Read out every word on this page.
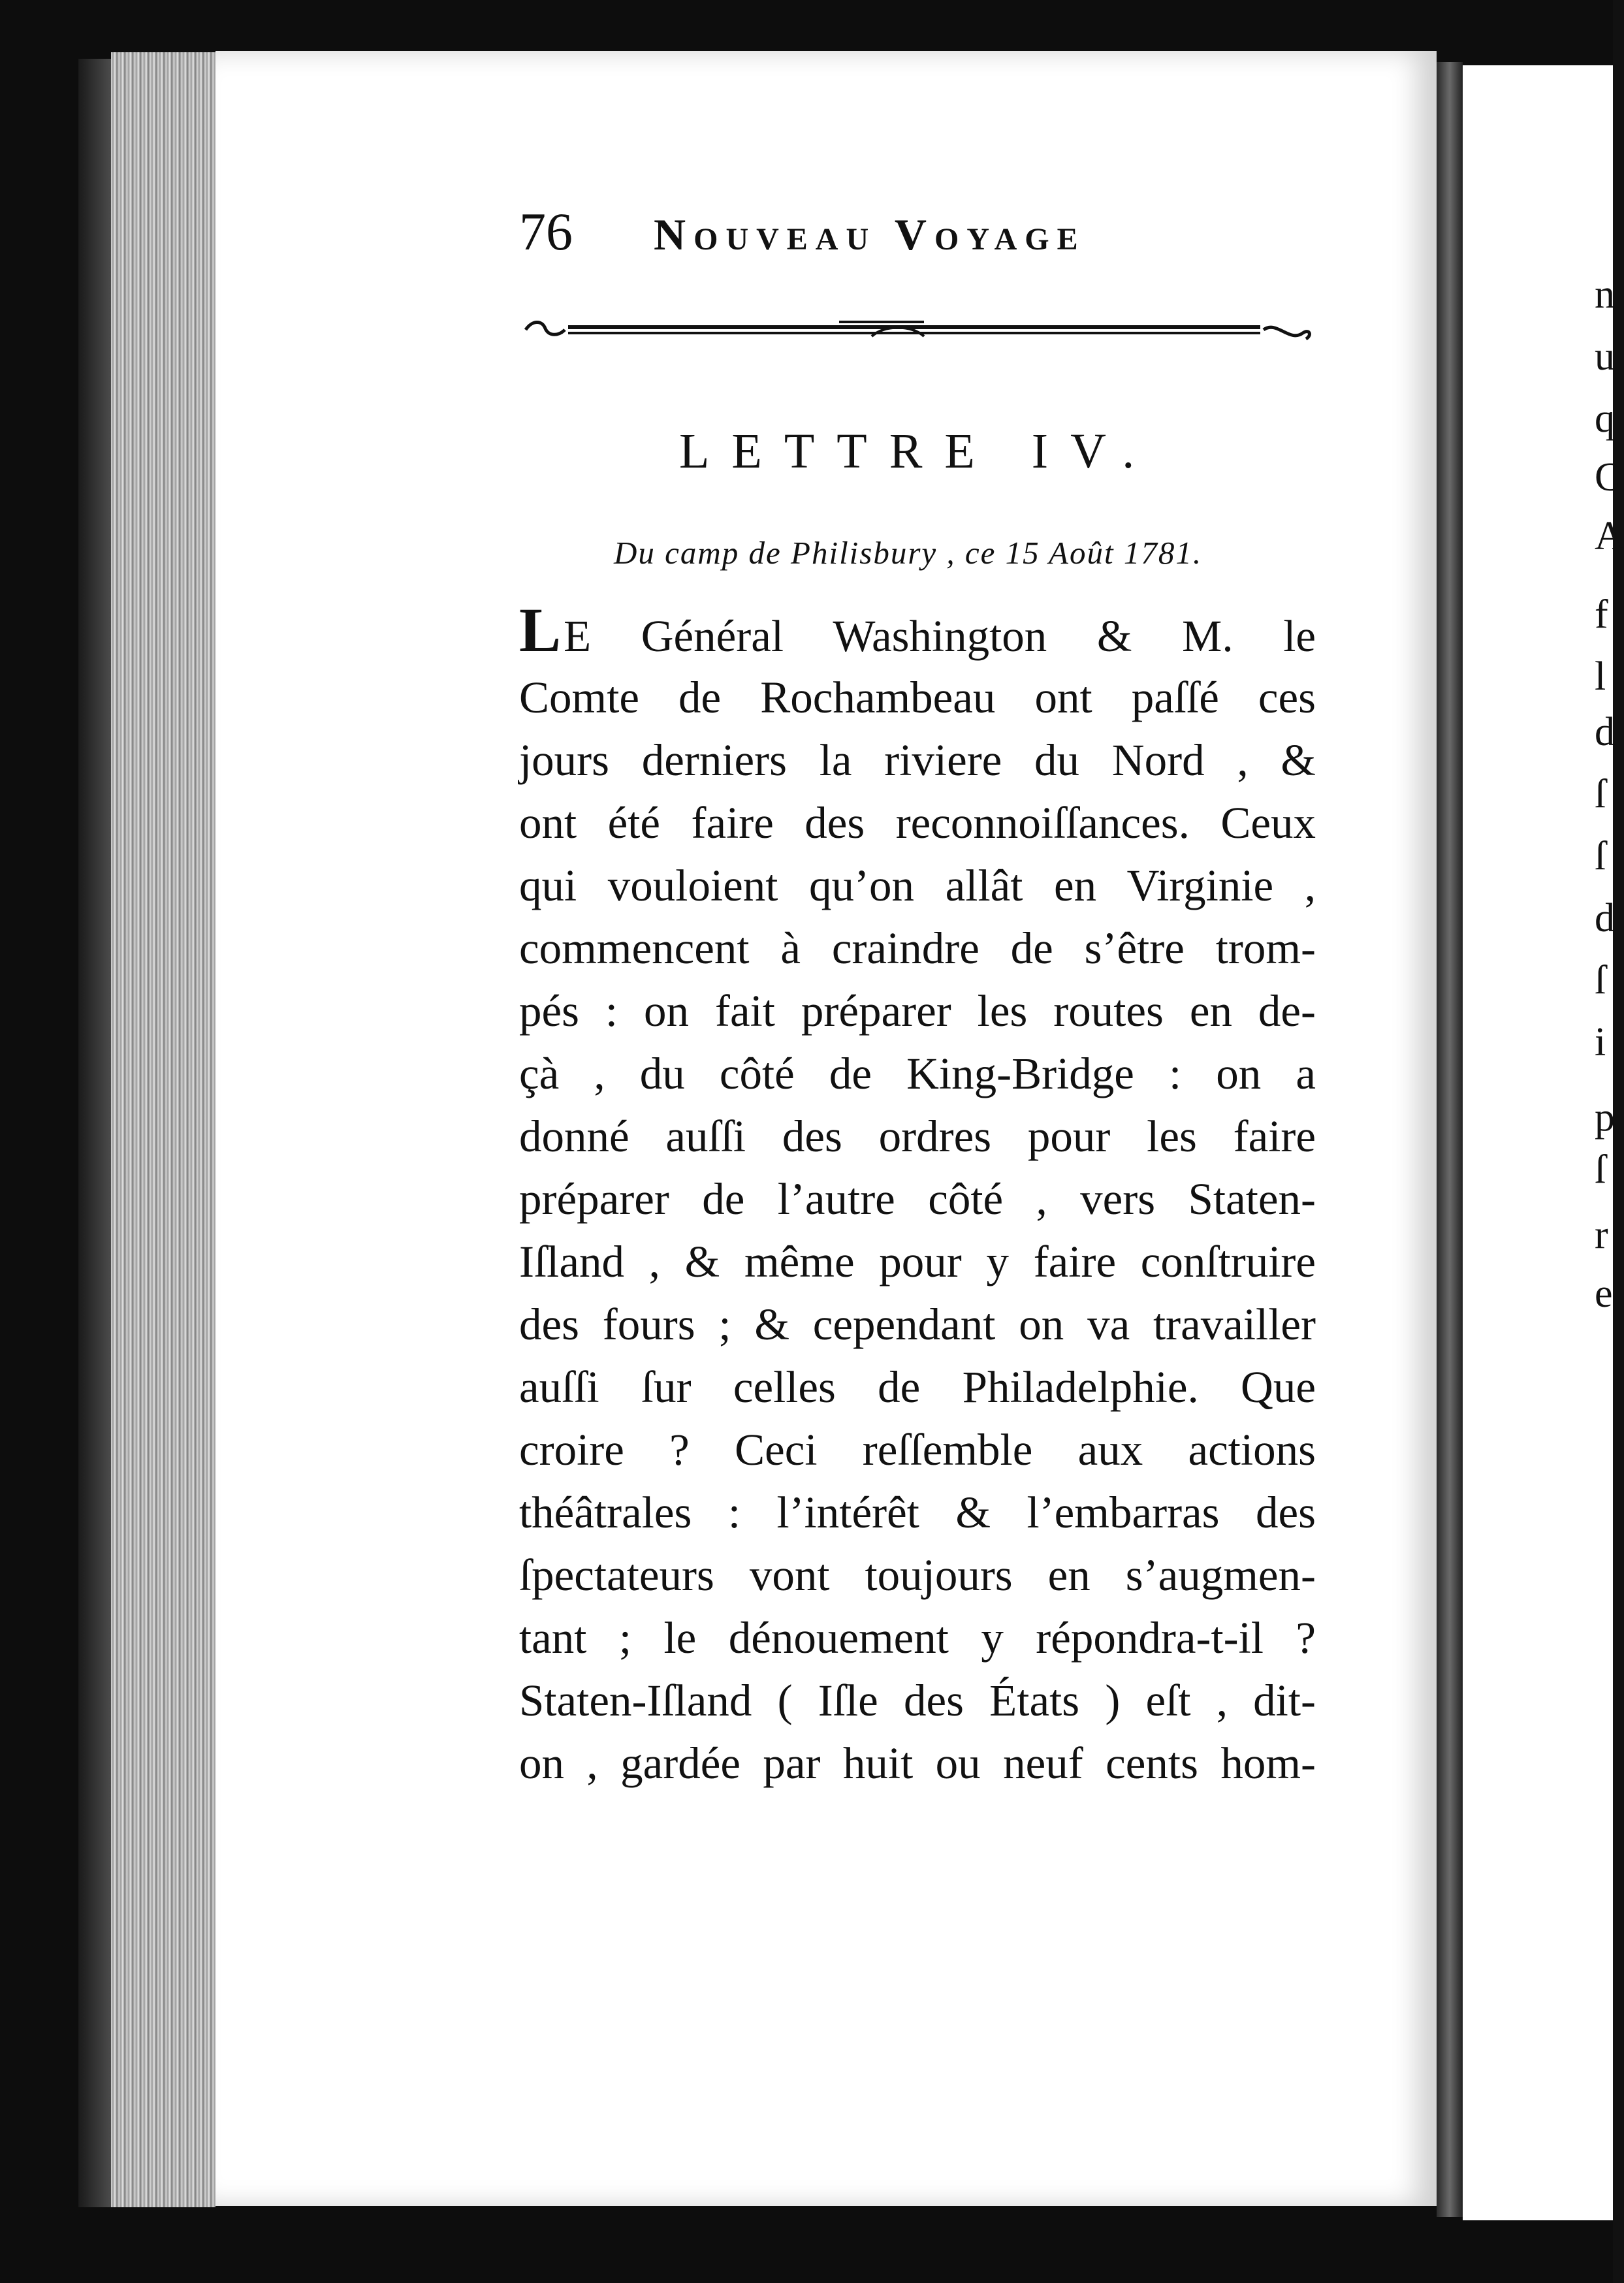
n
u
q
C
A
f
l
d
ſ
ſ
d
ſ
i
p
ſ
r
e
76 Nouveau Voyage
LETTRE IV.
Du camp de Philisbury , ce 15 Août 1781.
LE Général Washington & M. le
Comte de Rochambeau ont paſſé ces
jours derniers la riviere du Nord , &
ont été faire des reconnoiſſances. Ceux
qui vouloient qu’on allât en Virginie ,
commencent à craindre de s’être trom-
pés : on fait préparer les routes en de-
çà , du côté de King-Bridge : on a
donné auſſi des ordres pour les faire
préparer de l’autre côté , vers Staten-
Iſland , & même pour y faire conſtruire
des fours ; & cependant on va travailler
auſſi ſur celles de Philadelphie. Que
croire ? Ceci reſſemble aux actions
théâtrales : l’intérêt & l’embarras des
ſpectateurs vont toujours en s’augmen-
tant ; le dénouement y répondra-t-il ?
Staten-Iſland ( Iſle des États ) eſt , dit-
on , gardée par huit ou neuf cents hom-
